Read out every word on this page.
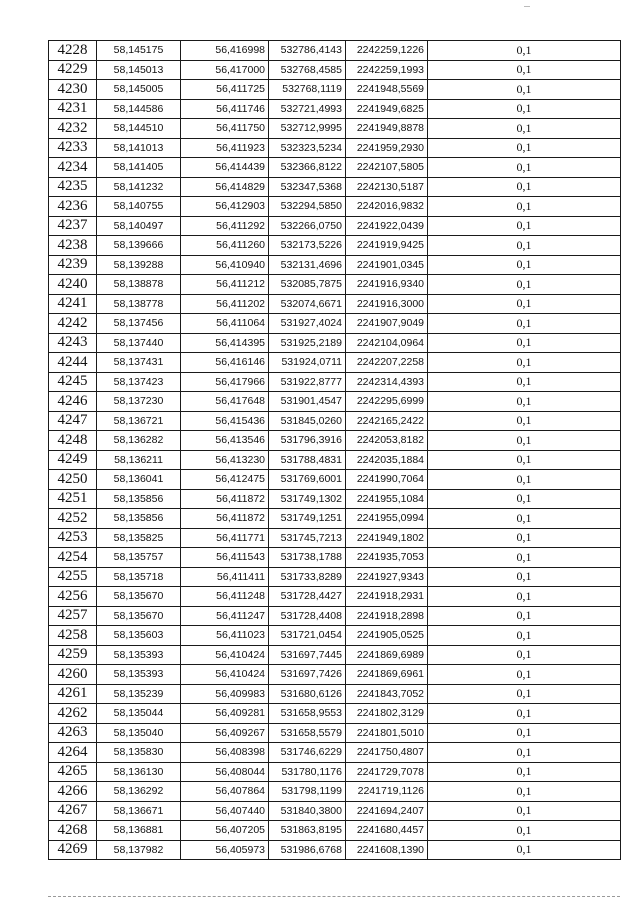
4228	58,145175	56,416998	532786,4143	2242259,1226	0,1
4229	58,145013	56,417000	532768,4585	2242259,1993	0,1
4230	58,145005	56,411725	532768,1119	2241948,5569	0,1
4231	58,144586	56,411746	532721,4993	2241949,6825	0,1
4232	58,144510	56,411750	532712,9995	2241949,8878	0,1
4233	58,141013	56,411923	532323,5234	2241959,2930	0,1
4234	58,141405	56,414439	532366,8122	2242107,5805	0,1
4235	58,141232	56,414829	532347,5368	2242130,5187	0,1
4236	58,140755	56,412903	532294,5850	2242016,9832	0,1
4237	58,140497	56,411292	532266,0750	2241922,0439	0,1
4238	58,139666	56,411260	532173,5226	2241919,9425	0,1
4239	58,139288	56,410940	532131,4696	2241901,0345	0,1
4240	58,138878	56,411212	532085,7875	2241916,9340	0,1
4241	58,138778	56,411202	532074,6671	2241916,3000	0,1
4242	58,137456	56,411064	531927,4024	2241907,9049	0,1
4243	58,137440	56,414395	531925,2189	2242104,0964	0,1
4244	58,137431	56,416146	531924,0711	2242207,2258	0,1
4245	58,137423	56,417966	531922,8777	2242314,4393	0,1
4246	58,137230	56,417648	531901,4547	2242295,6999	0,1
4247	58,136721	56,415436	531845,0260	2242165,2422	0,1
4248	58,136282	56,413546	531796,3916	2242053,8182	0,1
4249	58,136211	56,413230	531788,4831	2242035,1884	0,1
4250	58,136041	56,412475	531769,6001	2241990,7064	0,1
4251	58,135856	56,411872	531749,1302	2241955,1084	0,1
4252	58,135856	56,411872	531749,1251	2241955,0994	0,1
4253	58,135825	56,411771	531745,7213	2241949,1802	0,1
4254	58,135757	56,411543	531738,1788	2241935,7053	0,1
4255	58,135718	56,411411	531733,8289	2241927,9343	0,1
4256	58,135670	56,411248	531728,4427	2241918,2931	0,1
4257	58,135670	56,411247	531728,4408	2241918,2898	0,1
4258	58,135603	56,411023	531721,0454	2241905,0525	0,1
4259	58,135393	56,410424	531697,7445	2241869,6989	0,1
4260	58,135393	56,410424	531697,7426	2241869,6961	0,1
4261	58,135239	56,409983	531680,6126	2241843,7052	0,1
4262	58,135044	56,409281	531658,9553	2241802,3129	0,1
4263	58,135040	56,409267	531658,5579	2241801,5010	0,1
4264	58,135830	56,408398	531746,6229	2241750,4807	0,1
4265	58,136130	56,408044	531780,1176	2241729,7078	0,1
4266	58,136292	56,407864	531798,1199	2241719,1126	0,1
4267	58,136671	56,407440	531840,3800	2241694,2407	0,1
4268	58,136881	56,407205	531863,8195	2241680,4457	0,1
4269	58,137982	56,405973	531986,6768	2241608,1390	0,1
